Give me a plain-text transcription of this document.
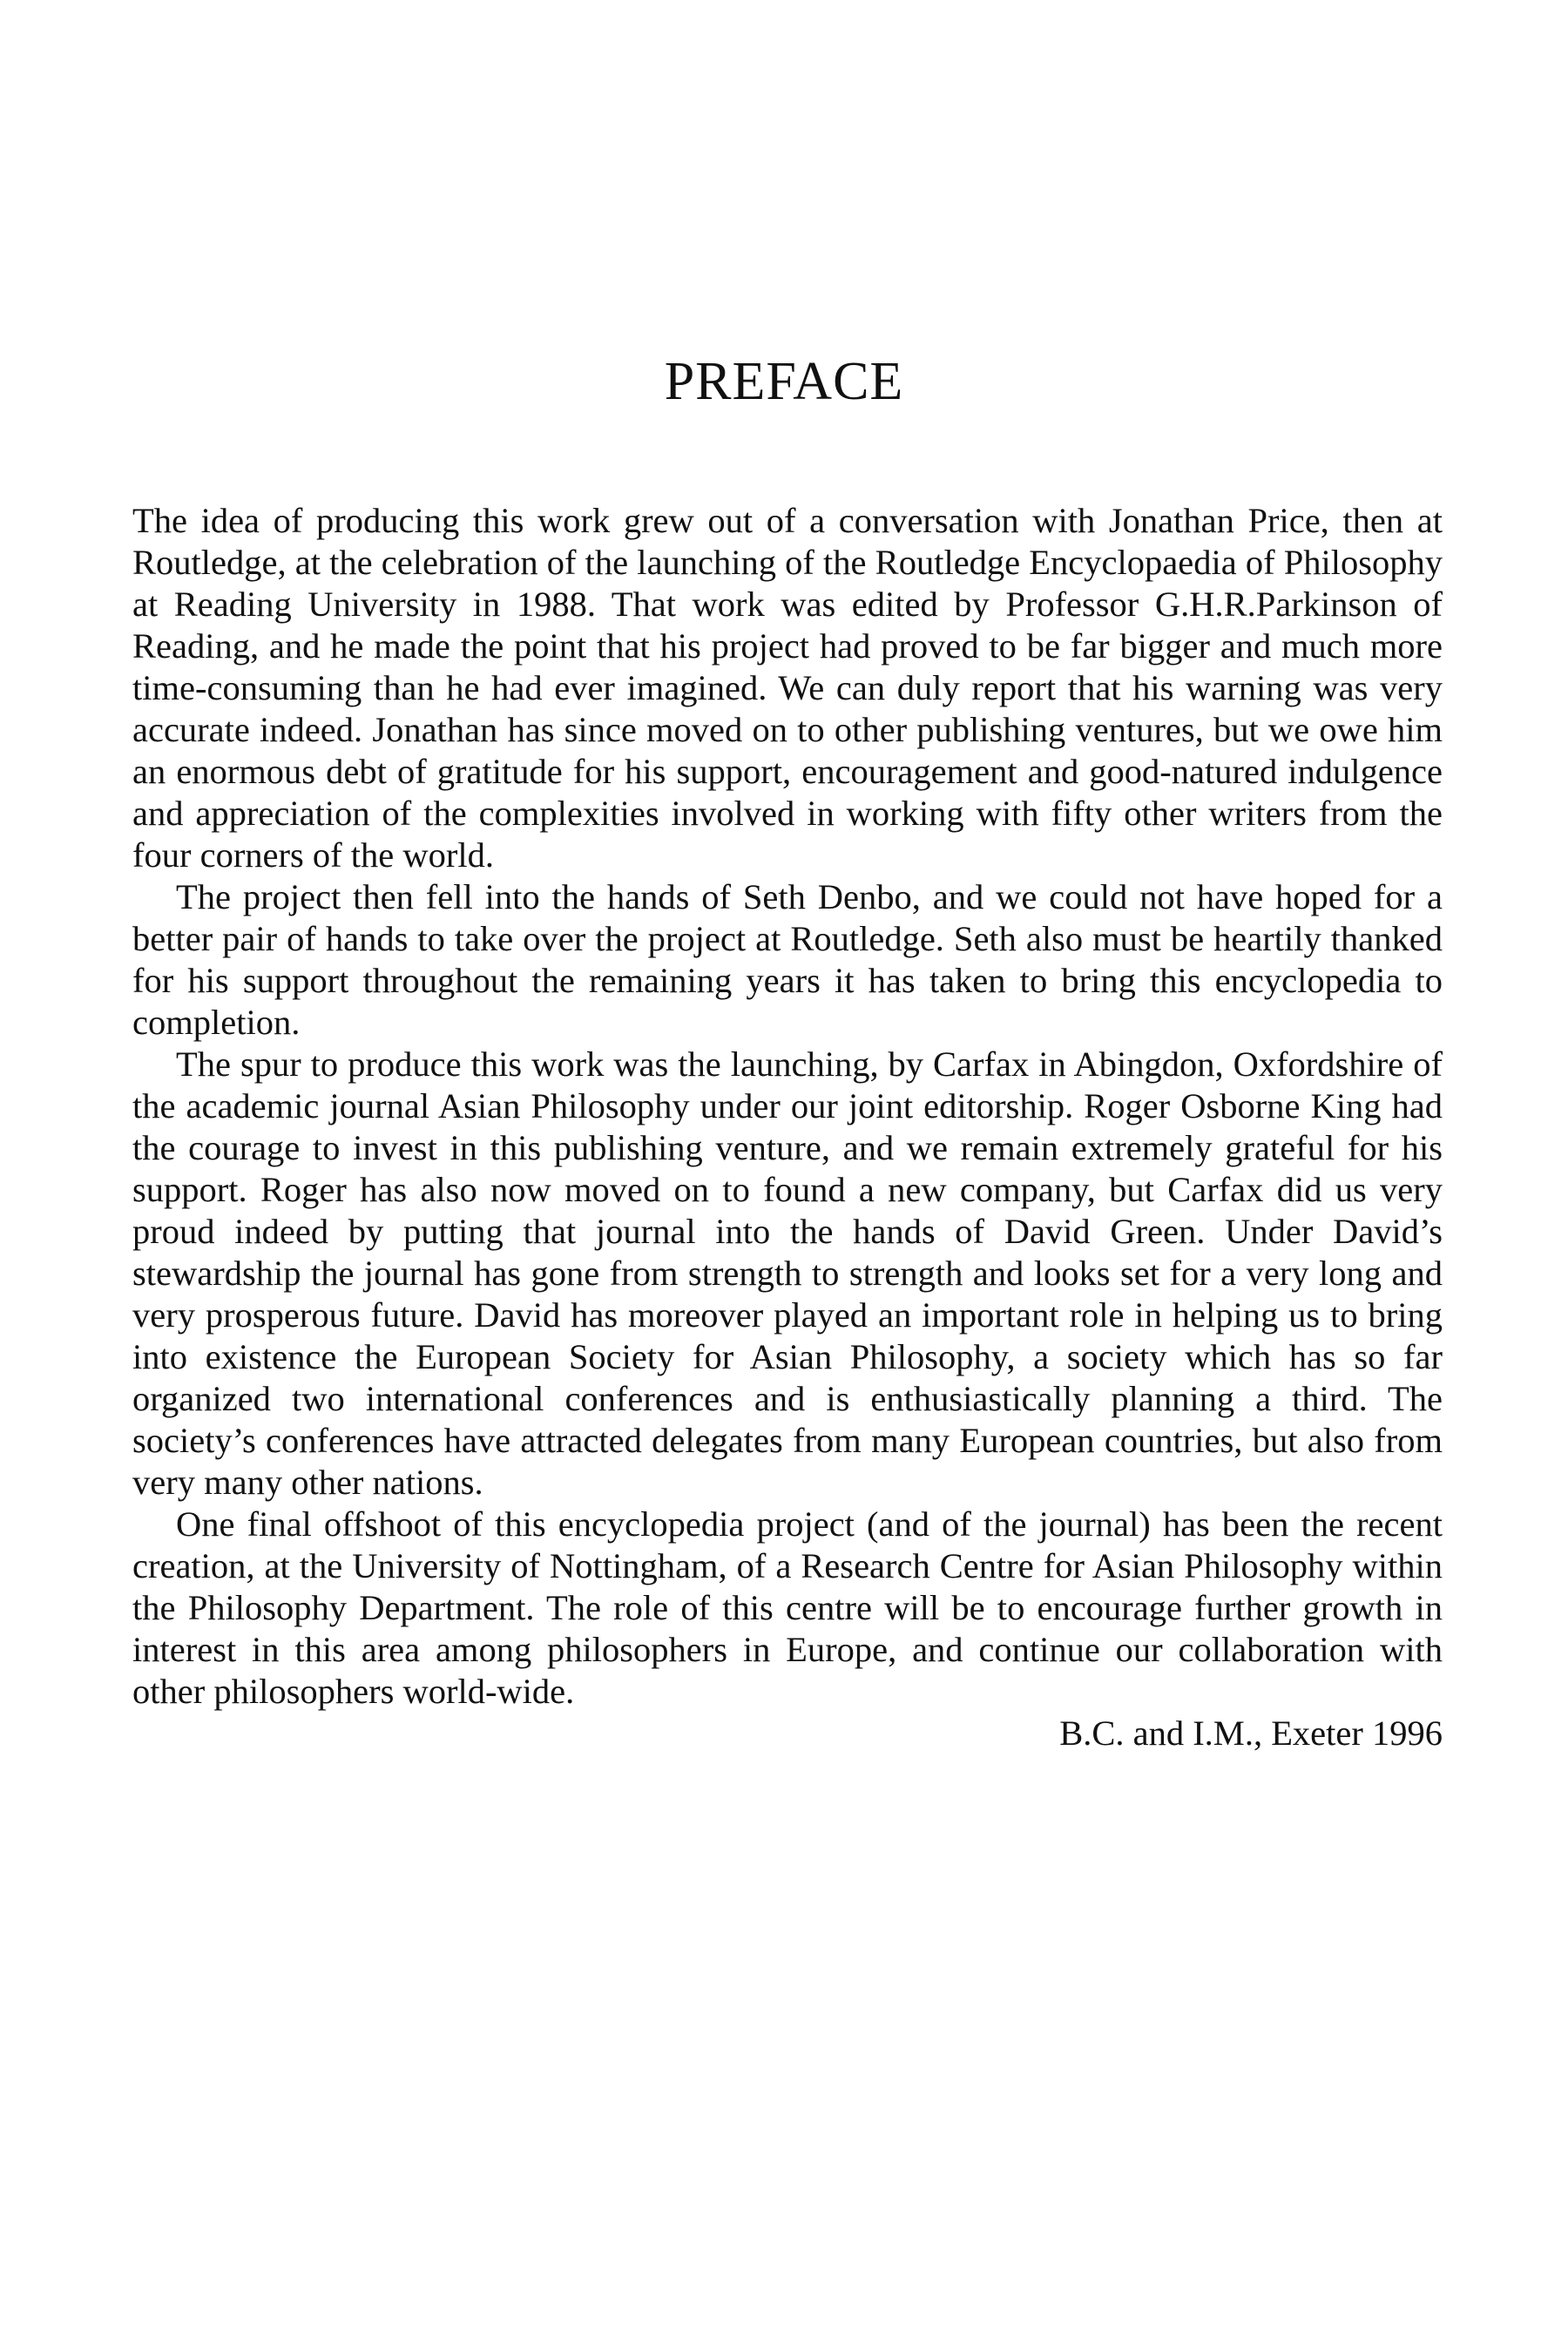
PREFACE

The idea of producing this work grew out of a conversation with Jonathan Price, then at Routledge, at the celebration of the launching of the Routledge Encyclopaedia of Philosophy at Reading University in 1988. That work was edited by Professor G.H.R.Parkinson of Reading, and he made the point that his project had proved to be far bigger and much more time-consuming than he had ever imagined. We can duly report that his warning was very accurate indeed. Jonathan has since moved on to other publishing ventures, but we owe him an enormous debt of gratitude for his support, encouragement and good-natured indulgence and appreciation of the complexities involved in working with fifty other writers from the four corners of the world.

The project then fell into the hands of Seth Denbo, and we could not have hoped for a better pair of hands to take over the project at Routledge. Seth also must be heartily thanked for his support throughout the remaining years it has taken to bring this encyclopedia to completion.

The spur to produce this work was the launching, by Carfax in Abingdon, Oxfordshire of the academic journal Asian Philosophy under our joint editorship. Roger Osborne King had the courage to invest in this publishing venture, and we remain extremely grateful for his support. Roger has also now moved on to found a new company, but Carfax did us very proud indeed by putting that journal into the hands of David Green. Under David’s stewardship the journal has gone from strength to strength and looks set for a very long and very prosperous future. David has moreover played an important role in helping us to bring into existence the European Society for Asian Philosophy, a society which has so far organized two international conferences and is enthusiastically planning a third. The society’s conferences have attracted delegates from many European countries, but also from very many other nations.

One final offshoot of this encyclopedia project (and of the journal) has been the recent creation, at the University of Nottingham, of a Research Centre for Asian Philosophy within the Philosophy Department. The role of this centre will be to encourage further growth in interest in this area among philosophers in Europe, and continue our collaboration with other philosophers world-wide.

B.C. and I.M., Exeter 1996
